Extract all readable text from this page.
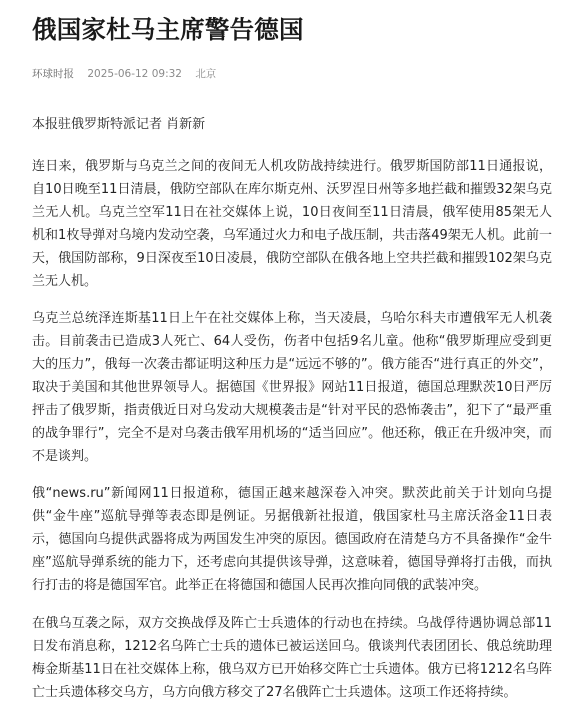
俄国家杜马主席警告德国
环球时报 2025-06-12 09:32 北京

本报驻俄罗斯特派记者 肖新新

连日来，俄罗斯与乌克兰之间的夜间无人机攻防战持续进行。俄罗斯国防部11日通报说，自10日晚至11日清晨，俄防空部队在库尔斯克州、沃罗涅日州等多地拦截和摧毁32架乌克兰无人机。乌克兰空军11日在社交媒体上说，10日夜间至11日清晨，俄军使用85架无人机和1枚导弹对乌境内发动空袭，乌军通过火力和电子战压制，共击落49架无人机。此前一天，俄国防部称，9日深夜至10日凌晨，俄防空部队在俄各地上空共拦截和摧毁102架乌克兰无人机。

乌克兰总统泽连斯基11日上午在社交媒体上称，当天凌晨，乌哈尔科夫市遭俄军无人机袭击。目前袭击已造成3人死亡、64人受伤，伤者中包括9名儿童。他称“俄罗斯理应受到更大的压力”，俄每一次袭击都证明这种压力是“远远不够的”。俄方能否“进行真正的外交”，取决于美国和其他世界领导人。据德国《世界报》网站11日报道，德国总理默茨10日严厉抨击了俄罗斯，指责俄近日对乌发动大规模袭击是“针对平民的恐怖袭击”，犯下了“最严重的战争罪行”，完全不是对乌袭击俄军用机场的“适当回应”。他还称，俄正在升级冲突，而不是谈判。

俄“news.ru”新闻网11日报道称，德国正越来越深卷入冲突。默茨此前关于计划向乌提供“金牛座”巡航导弹等表态即是例证。另据俄新社报道，俄国家杜马主席沃洛金11日表示，德国向乌提供武器将成为两国发生冲突的原因。德国政府在清楚乌方不具备操作“金牛座”巡航导弹系统的能力下，还考虑向其提供该导弹，这意味着，德国导弹将打击俄，而执行打击的将是德国军官。此举正在将德国和德国人民再次推向同俄的武装冲突。

在俄乌互袭之际，双方交换战俘及阵亡士兵遗体的行动也在持续。乌战俘待遇协调总部11日发布消息称，1212名乌阵亡士兵的遗体已被运送回乌。俄谈判代表团团长、俄总统助理梅金斯基11日在社交媒体上称，俄乌双方已开始移交阵亡士兵遗体。俄方已将1212名乌阵亡士兵遗体移交乌方，乌方向俄方移交了27名俄阵亡士兵遗体。这项工作还将持续。
